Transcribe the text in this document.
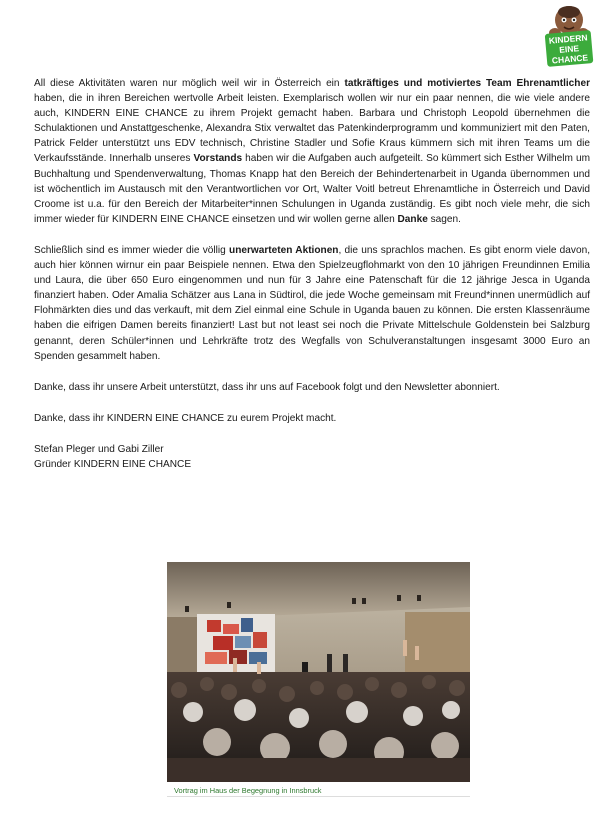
KINDERN
EINE
CHANCE

All diese Aktivitäten waren nur möglich weil wir in Österreich ein tatkräftiges und motiviertes Team Ehrenamtlicher haben, die in ihren Bereichen wertvolle Arbeit leisten. Exemplarisch wollen wir nur ein paar nennen, die wie viele andere auch, KINDERN EINE CHANCE zu ihrem Projekt gemacht haben. Barbara und Christoph Leopold übernehmen die Schulaktionen und Anstattgeschenke, Alexandra Stix verwaltet das Patenkinderprogramm und kommuniziert mit den Paten, Patrick Felder unterstützt uns EDV technisch, Christine Stadler und Sofie Kraus kümmern sich mit ihren Teams um die Verkaufsstände. Innerhalb unseres Vorstands haben wir die Aufgaben auch aufgeteilt. So kümmert sich Esther Wilhelm um Buchhaltung und Spendenverwaltung, Thomas Knapp hat den Bereich der Behindertenarbeit in Uganda übernommen und ist wöchentlich im Austausch mit den Verantwortlichen vor Ort, Walter Voitl betreut Ehrenamtliche in Österreich und David Croome ist u.a. für den Bereich der Mitarbeiter*innen Schulungen in Uganda zuständig. Es gibt noch viele mehr, die sich immer wieder für KINDERN EINE CHANCE einsetzen und wir wollen gerne allen Danke sagen.

Schließlich sind es immer wieder die völlig unerwarteten Aktionen, die uns sprachlos machen. Es gibt enorm viele davon, auch hier können wirnur ein paar Beispiele nennen. Etwa den Spielzeugflohmarkt von den 10 jährigen Freundinnen Emilia und Laura, die über 650 Euro eingenommen und nun für 3 Jahre eine Patenschaft für die 12 jährige Jesca in Uganda finanziert haben. Oder Amalia Schätzer aus Lana in Südtirol, die jede Woche gemeinsam mit Freund*innen unermüdlich auf Flohmärkten dies und das verkauft, mit dem Ziel einmal eine Schule in Uganda bauen zu können. Die ersten Klassenräume haben die eifrigen Damen bereits finanziert! Last but not least sei noch die Private Mittelschule Goldenstein bei Salzburg genannt, deren Schüler*innen und Lehrkräfte trotz des Wegfalls von Schulveranstaltungen insgesamt 3000 Euro an Spenden gesammelt haben.

Danke, dass ihr unsere Arbeit unterstützt, dass ihr uns auf Facebook folgt und den Newsletter abonniert.

Danke, dass ihr KINDERN EINE CHANCE zu eurem Projekt macht.

Stefan Pleger und Gabi Ziller

Gründer KINDERN EINE CHANCE

Vortrag im Haus der Begegnung in Innsbruck
